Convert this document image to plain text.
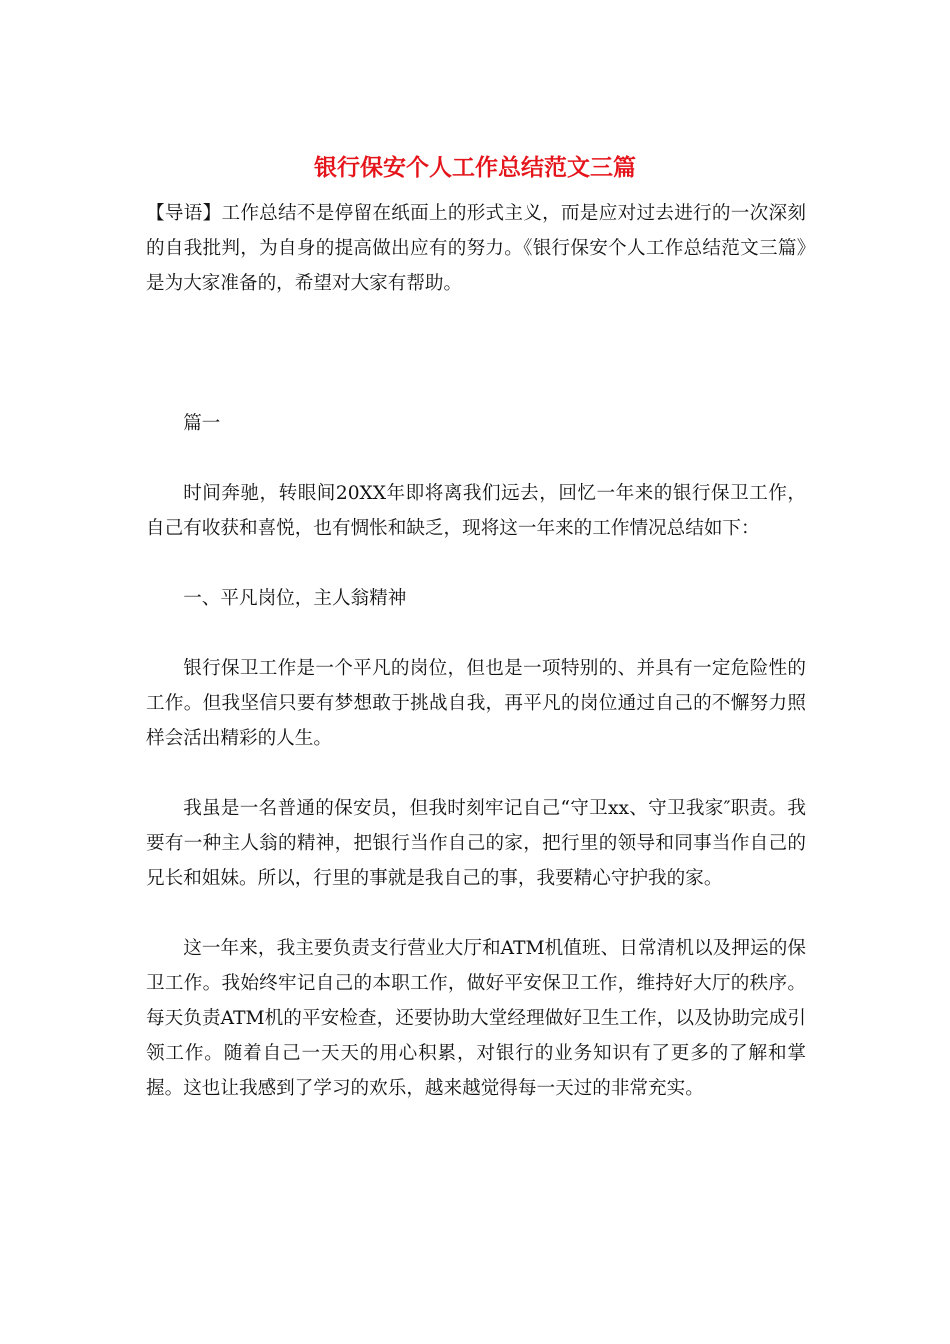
银行保安个人工作总结范文三篇

【导语】工作总结不是停留在纸面上的形式主义，而是应对过去进行的一次深刻的自我批判，为自身的提高做出应有的努力。《银行保安个人工作总结范文三篇》是为大家准备的，希望对大家有帮助。

篇一

时间奔驰，转眼间20XX年即将离我们远去，回忆一年来的银行保卫工作，自己有收获和喜悦，也有惆怅和缺乏，现将这一年来的工作情况总结如下：

一、平凡岗位，主人翁精神

银行保卫工作是一个平凡的岗位，但也是一项特别的、并具有一定危险性的工作。但我坚信只要有梦想敢于挑战自我，再平凡的岗位通过自己的不懈努力照样会活出精彩的人生。

我虽是一名普通的保安员，但我时刻牢记自己“守卫xx、守卫我家″职责。我要有一种主人翁的精神，把银行当作自己的家，把行里的领导和同事当作自己的兄长和姐妹。所以，行里的事就是我自己的事，我要精心守护我的家。

这一年来，我主要负责支行营业大厅和ATM机值班、日常清机以及押运的保卫工作。我始终牢记自己的本职工作，做好平安保卫工作，维持好大厅的秩序。每天负责ATM机的平安检查，还要协助大堂经理做好卫生工作，以及协助完成引领工作。随着自己一天天的用心积累，对银行的业务知识有了更多的了解和掌握。这也让我感到了学习的欢乐，越来越觉得每一天过的非常充实。
